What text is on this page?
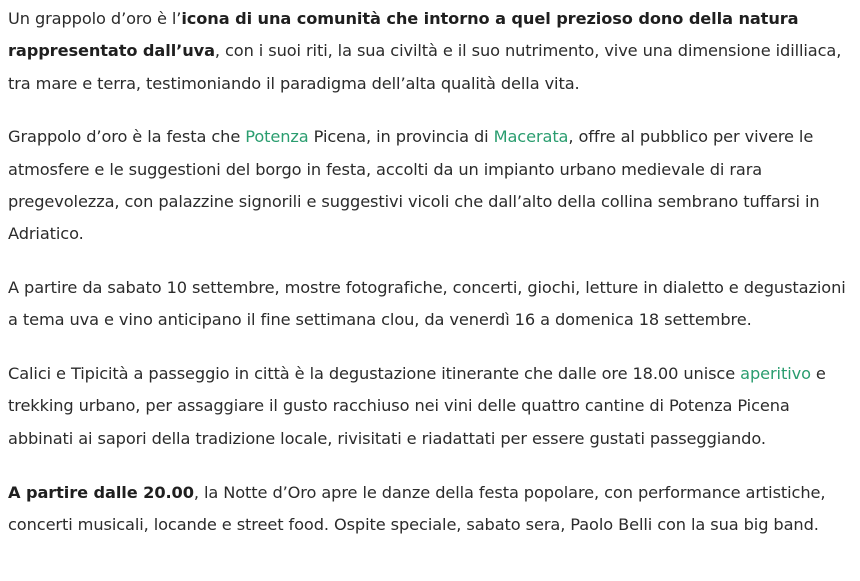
Un grappolo d’oro è l’icona di una comunità che intorno a quel prezioso dono della natura rappresentato dall’uva, con i suoi riti, la sua civiltà e il suo nutrimento, vive una dimensione idilliaca, tra mare e terra, testimoniando il paradigma dell’alta qualità della vita.

Grappolo d’oro è la festa che Potenza Picena, in provincia di Macerata, offre al pubblico per vivere le atmosfere e le suggestioni del borgo in festa, accolti da un impianto urbano medievale di rara pregevolezza, con palazzine signorili e suggestivi vicoli che dall’alto della collina sembrano tuffarsi in Adriatico.

A partire da sabato 10 settembre, mostre fotografiche, concerti, giochi, letture in dialetto e degustazioni a tema uva e vino anticipano il fine settimana clou, da venerdì 16 a domenica 18 settembre.

Calici e Tipicità a passeggio in città è la degustazione itinerante che dalle ore 18.00 unisce aperitivo e trekking urbano, per assaggiare il gusto racchiuso nei vini delle quattro cantine di Potenza Picena abbinati ai sapori della tradizione locale, rivisitati e riadattati per essere gustati passeggiando.

A partire dalle 20.00, la Notte d’Oro apre le danze della festa popolare, con performance artistiche, concerti musicali, locande e street food. Ospite speciale, sabato sera, Paolo Belli con la sua big band.
